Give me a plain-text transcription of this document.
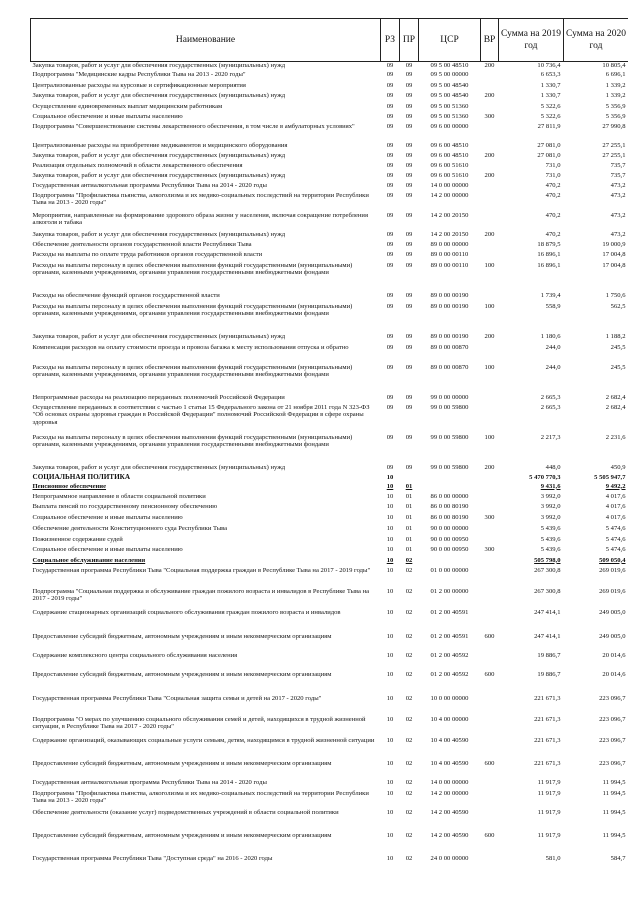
Наименование	РЗ	ПР	ЦСР	ВР	Сумма на 2019 год	Сумма на 2020 год
Закупка товаров, работ и услуг для обеспечения государственных (муниципальных) нужд	09	09	09 5 00 48510	200	10 736,4	10 805,4
Подпрограмма "Медицинские кадры Республики Тыва на 2013 - 2020 годы"	09	09	09 5 00 00000		6 653,3	6 696,1
Централизованные расходы на курсовые и сертификационные мероприятия	09	09	09 5 00 48540		1 330,7	1 339,2
Закупка товаров, работ и услуг для обеспечения государственных (муниципальных) нужд	09	09	09 5 00 48540	200	1 330,7	1 339,2
Осуществление единовременных выплат медицинским работникам	09	09	09 5 00 51360		5 322,6	5 356,9
Социальное обеспечение и иные выплаты населению	09	09	09 5 00 51360	300	5 322,6	5 356,9
Подпрограмма "Совершенствование системы лекарственного обеспечения, в том числе в амбулаторных условиях"	09	09	09 6 00 00000		27 811,9	27 990,8
Централизованные расходы на приобретение медикаментов и медицинского оборудования	09	09	09 6 00 48510		27 081,0	27 255,1
Закупка товаров, работ и услуг для обеспечения государственных (муниципальных) нужд	09	09	09 6 00 48510	200	27 081,0	27 255,1
Реализация отдельных полномочий в области лекарственного обеспечения	09	09	09 6 00 51610		731,0	735,7
Закупка товаров, работ и услуг для обеспечения государственных (муниципальных) нужд	09	09	09 6 00 51610	200	731,0	735,7
Государственная антиалкогольная программа Республики Тыва на 2014 - 2020 годы	09	09	14 0 00 00000		470,2	473,2
Подпрограмма "Профилактика пьянства, алкоголизма и их медико-социальных последствий на территории Республики Тыва на 2013 - 2020 годы"	09	09	14 2 00 00000		470,2	473,2
Мероприятия, направленные на формирование здорового образа жизни у населения, включая сокращение потребления алкоголя и табака	09	09	14 2 00 20150		470,2	473,2
Закупка товаров, работ и услуг для обеспечения государственных (муниципальных) нужд	09	09	14 2 00 20150	200	470,2	473,2
Обеспечение деятельности органов государственной власти Республики Тыва	09	09	89 0 00 00000		18 879,5	19 000,9
Расходы на выплаты по оплате труда работников органов государственной власти	09	09	89 0 00 00110		16 896,1	17 004,8
Расходы на выплаты персоналу в целях обеспечения выполнения функций государственными (муниципальными) органами, казенными учреждениями, органами управления государственными внебюджетными фондами	09	09	89 0 00 00110	100	16 896,1	17 004,8
Расходы на обеспечение функций органов государственной власти	09	09	89 0 00 00190		1 739,4	1 750,6
Расходы на выплаты персоналу в целях обеспечения выполнения функций государственными (муниципальными) органами, казенными учреждениями, органами управления государственными внебюджетными фондами	09	09	89 0 00 00190	100	558,9	562,5
Закупка товаров, работ и услуг для обеспечения государственных (муниципальных) нужд	09	09	89 0 00 00190	200	1 180,6	1 188,2
Компенсация расходов на оплату стоимости проезда и провоза багажа к месту использования отпуска и обратно	09	09	89 0 00 00870		244,0	245,5
Расходы на выплаты персоналу в целях обеспечения выполнения функций государственными (муниципальными) органами, казенными учреждениями, органами управления государственными внебюджетными фондами	09	09	89 0 00 00870	100	244,0	245,5
Непрограммные расходы на реализацию переданных полномочий Российской Федерации	09	09	99 0 00 00000		2 665,3	2 682,4
Осуществление переданных в соответствии с частью 1 статьи 15 Федерального закона от 21 ноября 2011 года N 323-ФЗ "Об основах охраны здоровья граждан в Российской Федерации" полномочий Российской Федерации в сфере охраны здоровья	09	09	99 0 00 59800		2 665,3	2 682,4
Расходы на выплаты персоналу в целях обеспечения выполнения функций государственными (муниципальными) органами, казенными учреждениями, органами управления государственными внебюджетными фондами	09	09	99 0 00 59800	100	2 217,3	2 231,6
Закупка товаров, работ и услуг для обеспечения государственных (муниципальных) нужд	09	09	99 0 00 59800	200	448,0	450,9
СОЦИАЛЬНАЯ ПОЛИТИКА	10				5 470 770,3	5 505 947,7
Пенсионное обеспечение	10	01			9 431,6	9 492,2
Непрограммное направление в области социальной политики	10	01	86 0 00 00000		3 992,0	4 017,6
Выплата пенсий по государственному пенсионному обеспечению	10	01	86 0 00 80190		3 992,0	4 017,6
Социальное обеспечение и иные выплаты населению	10	01	86 0 00 80190	300	3 992,0	4 017,6
Обеспечение деятельности Конституционного суда Республики Тыва	10	01	90 0 00 00000		5 439,6	5 474,6
Пожизненное содержание судей	10	01	90 0 00 00950		5 439,6	5 474,6
Социальное обеспечение и иные выплаты населению	10	01	90 0 00 00950	300	5 439,6	5 474,6
Социальное обслуживание населения	10	02			505 798,0	509 050,4
Государственная программа Республики Тыва "Социальная поддержка граждан в Республике Тыва на 2017 - 2019 годы"	10	02	01 0 00 00000		267 300,8	269 019,6
Подпрограмма "Социальная поддержка и обслуживание граждан пожилого возраста и инвалидов в Республике Тыва на 2017 - 2019 годы"	10	02	01 2 00 00000		267 300,8	269 019,6
Содержание стационарных организаций социального обслуживания граждан пожилого возраста и инвалидов	10	02	01 2 00 40591		247 414,1	249 005,0
Предоставление субсидий бюджетным, автономным учреждениям и иным некоммерческим организациям	10	02	01 2 00 40591	600	247 414,1	249 005,0
Содержание комплексного центра социального обслуживания населения	10	02	01 2 00 40592		19 886,7	20 014,6
Предоставление субсидий бюджетным, автономным учреждениям и иным некоммерческим организациям	10	02	01 2 00 40592	600	19 886,7	20 014,6
Государственная программа Республики Тыва "Социальная защита семьи и детей на 2017 - 2020 годы"	10	02	10 0 00 00000		221 671,3	223 096,7
Подпрограмма "О мерах по улучшению социального обслуживания семей и детей, находящихся в трудной жизненной ситуации, в Республике Тыва на 2017 - 2020 годы"	10	02	10 4 00 00000		221 671,3	223 096,7
Содержание организаций, оказывающих социальные услуги семьям, детям, находящимся в трудной жизненной ситуации	10	02	10 4 00 40590		221 671,3	223 096,7
Предоставление субсидий бюджетным, автономным учреждениям и иным некоммерческим организациям	10	02	10 4 00 40590	600	221 671,3	223 096,7
Государственная антиалкогольная программа Республики Тыва на 2014 - 2020 годы	10	02	14 0 00 00000		11 917,9	11 994,5
Подпрограмма "Профилактика пьянства, алкоголизма и их медико-социальных последствий на территории Республики Тыва на 2013 - 2020 годы"	10	02	14 2 00 00000		11 917,9	11 994,5
Обеспечение деятельности (оказание услуг) подведомственных учреждений в области социальной политики	10	02	14 2 00 40590		11 917,9	11 994,5
Предоставление субсидий бюджетным, автономным учреждениям и иным некоммерческим организациям	10	02	14 2 00 40590	600	11 917,9	11 994,5
Государственная программа Республики Тыва "Доступная среда" на 2016 - 2020 годы	10	02	24 0 00 00000		581,0	584,7
